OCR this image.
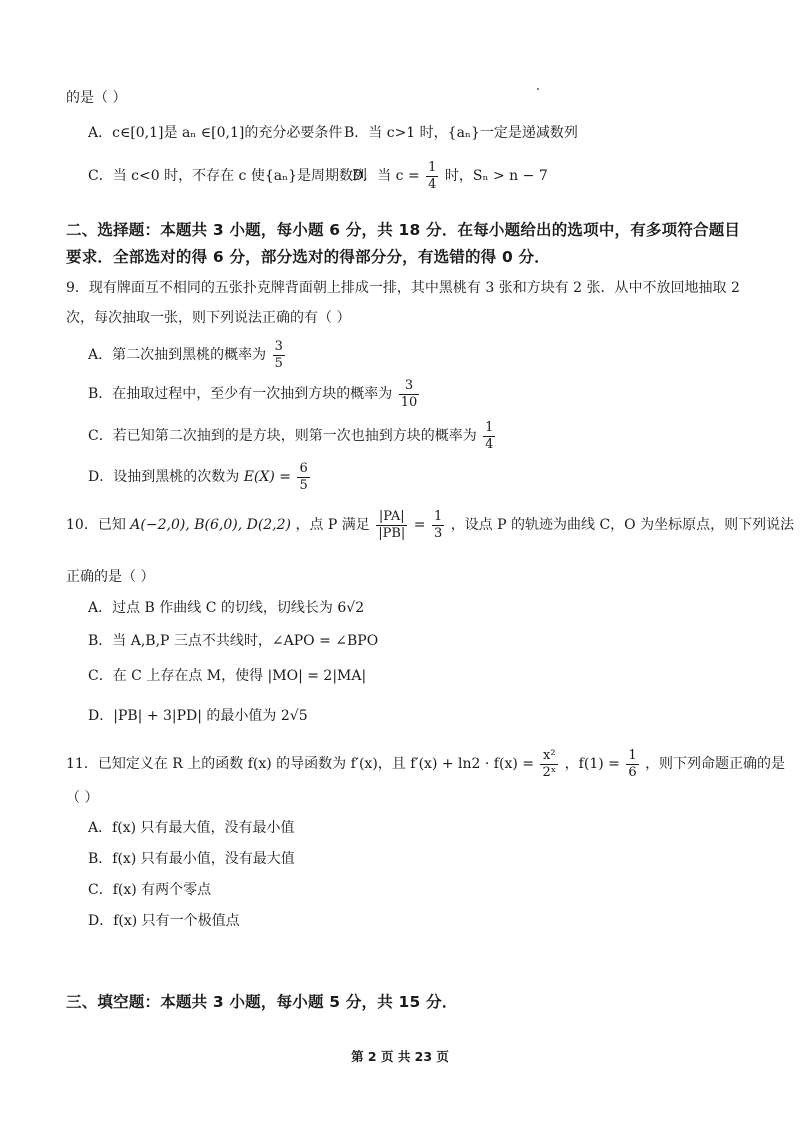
的是（ ）
A．c∈[0,1]是 aₙ ∈[0,1]的充分必要条件 B．当 c>1 时，{aₙ}一定是递减数列
C．当 c<0 时，不存在 c 使{aₙ}是周期数列
D．当 $c = \frac{1}{4}$ 时，Sₙ > n − 7
二、选择题：本题共 3 小题，每小题 6 分，共 18 分．在每小题给出的选项中，有多项符合题目
要求．全部选对的得 6 分，部分选对的得部分分，有选错的得 0 分．
9．现有牌面互不相同的五张扑克牌背面朝上排成一排，其中黑桃有 3 张和方块有 2 张．从中不放回地抽取 2
次，每次抽取一张，则下列说法正确的有（ ）
A．第二次抽到黑桃的概率为 $\frac{3}{5}$
B．在抽取过程中，至少有一次抽到方块的概率为 $\frac{3}{10}$
C．若已知第二次抽到的是方块，则第一次也抽到方块的概率为 $\frac{1}{4}$
D．设抽到黑桃的次数为 $E(X) = \frac{6}{5}$
10．已知 A(−2,0), B(6,0), D(2,2) ，点 P 满足 $\frac{|PA|}{|PB|} = \frac{1}{3}$ ，设点 P 的轨迹为曲线 C，O 为坐标原点，则下列说法
正确的是（ ）
A．过点 B 作曲线 C 的切线，切线长为 6√2
B．当 A,B,P 三点不共线时，∠APO = ∠BPO
C．在 C 上存在点 M，使得 |MO| = 2|MA|
D．|PB| + 3|PD| 的最小值为 2√5
11．已知定义在 R 上的函数 f(x) 的导函数为 f′(x)，且 $f'(x) + \ln 2 \cdot f(x) = \frac{\text{x²}}{\text{2ˣ}}$ ，$f(1) = \frac{1}{6}$ ，则下列命题正确的是
（ ）
A．f(x) 只有最大值，没有最小值
B．f(x) 只有最小值，没有最大值
C．f(x) 有两个零点
D．f(x) 只有一个极值点
三、填空题：本题共 3 小题，每小题 5 分，共 15 分．
第 2 页 共 23 页
